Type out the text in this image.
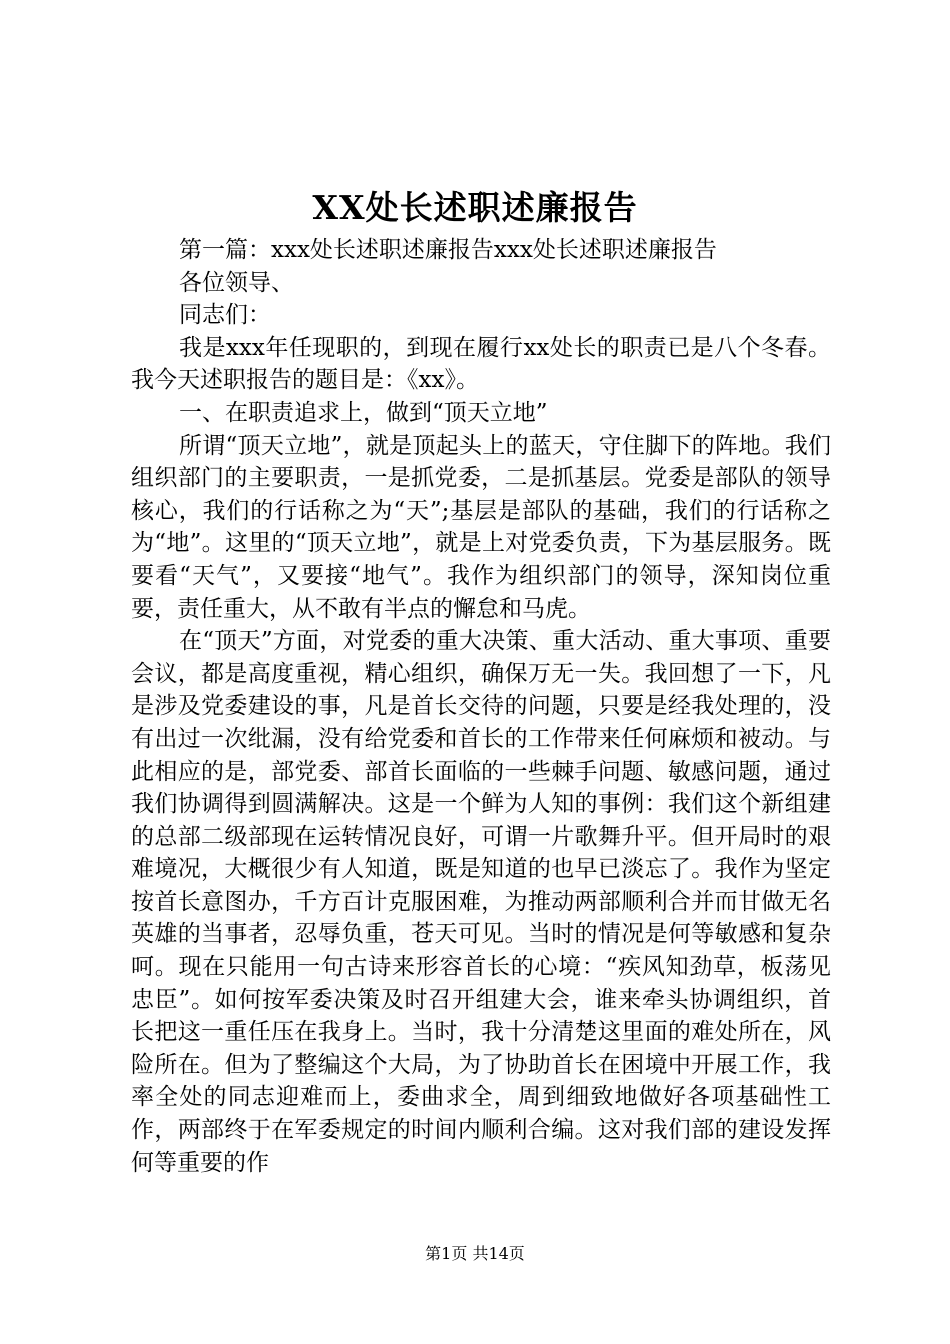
XX处长述职述廉报告

第一篇：xxx处长述职述廉报告xxx处长述职述廉报告

各位领导、

同志们：

我是xxx年任现职的，到现在履行xx处长的职责已是八个冬春。我今天述职报告的题目是：《xx》。

一、在职责追求上，做到“顶天立地”

所谓“顶天立地”，就是顶起头上的蓝天，守住脚下的阵地。我们组织部门的主要职责，一是抓党委，二是抓基层。党委是部队的领导核心，我们的行话称之为“天”;基层是部队的基础，我们的行话称之为“地”。这里的“顶天立地”，就是上对党委负责，下为基层服务。既要看“天气”，又要接“地气”。我作为组织部门的领导，深知岗位重要，责任重大，从不敢有半点的懈怠和马虎。

在“顶天”方面，对党委的重大决策、重大活动、重大事项、重要会议，都是高度重视，精心组织，确保万无一失。我回想了一下，凡是涉及党委建设的事，凡是首长交待的问题，只要是经我处理的，没有出过一次纰漏，没有给党委和首长的工作带来任何麻烦和被动。与此相应的是，部党委、部首长面临的一些棘手问题、敏感问题，通过我们协调得到圆满解决。这是一个鲜为人知的事例：我们这个新组建的总部二级部现在运转情况良好，可谓一片歌舞升平。但开局时的艰难境况，大概很少有人知道，既是知道的也早已淡忘了。我作为坚定按首长意图办，千方百计克服困难，为推动两部顺利合并而甘做无名英雄的当事者，忍辱负重，苍天可见。当时的情况是何等敏感和复杂呵。现在只能用一句古诗来形容首长的心境：“疾风知劲草，板荡见忠臣”。如何按军委决策及时召开组建大会，谁来牵头协调组织，首长把这一重任压在我身上。当时，我十分清楚这里面的难处所在，风险所在。但为了整编这个大局，为了协助首长在困境中开展工作，我率全处的同志迎难而上，委曲求全，周到细致地做好各项基础性工作，两部终于在军委规定的时间内顺利合编。这对我们部的建设发挥何等重要的作

第1页 共14页
